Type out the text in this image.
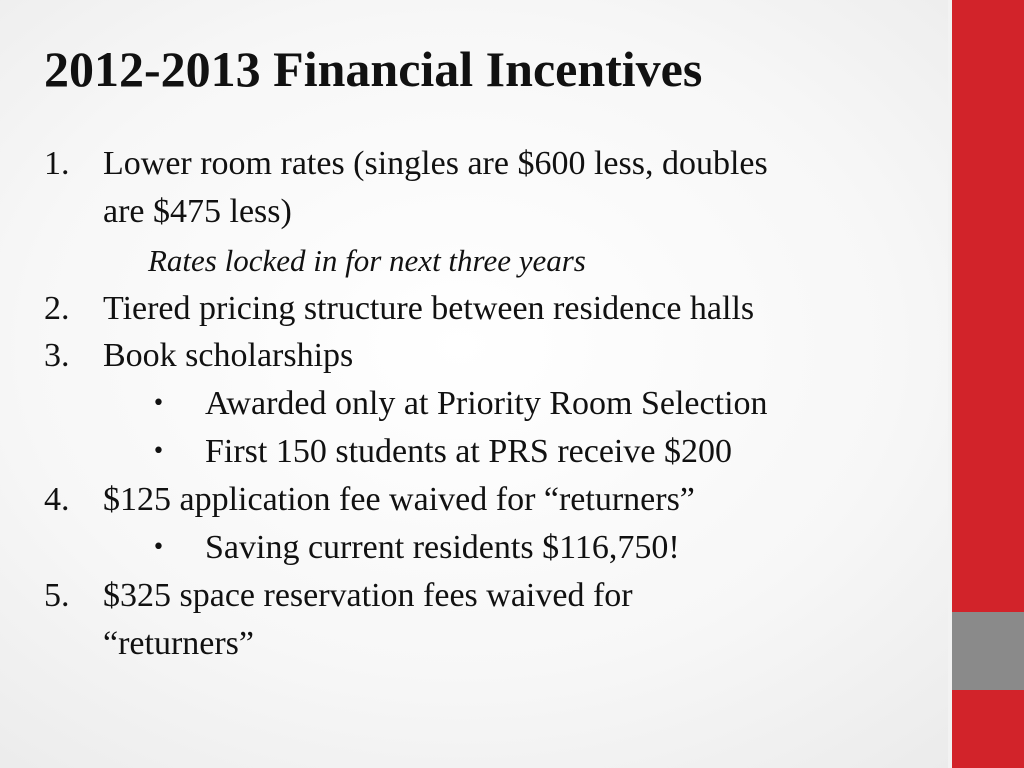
2012-2013 Financial Incentives
1. Lower room rates (singles are $600 less, doubles
are $475 less)
Rates locked in for next three years
2. Tiered pricing structure between residence halls
3. Book scholarships
• Awarded only at Priority Room Selection
• First 150 students at PRS receive $200
4. $125 application fee waived for “returners”
• Saving current residents $116,750!
5. $325 space reservation fees waived for
“returners”
